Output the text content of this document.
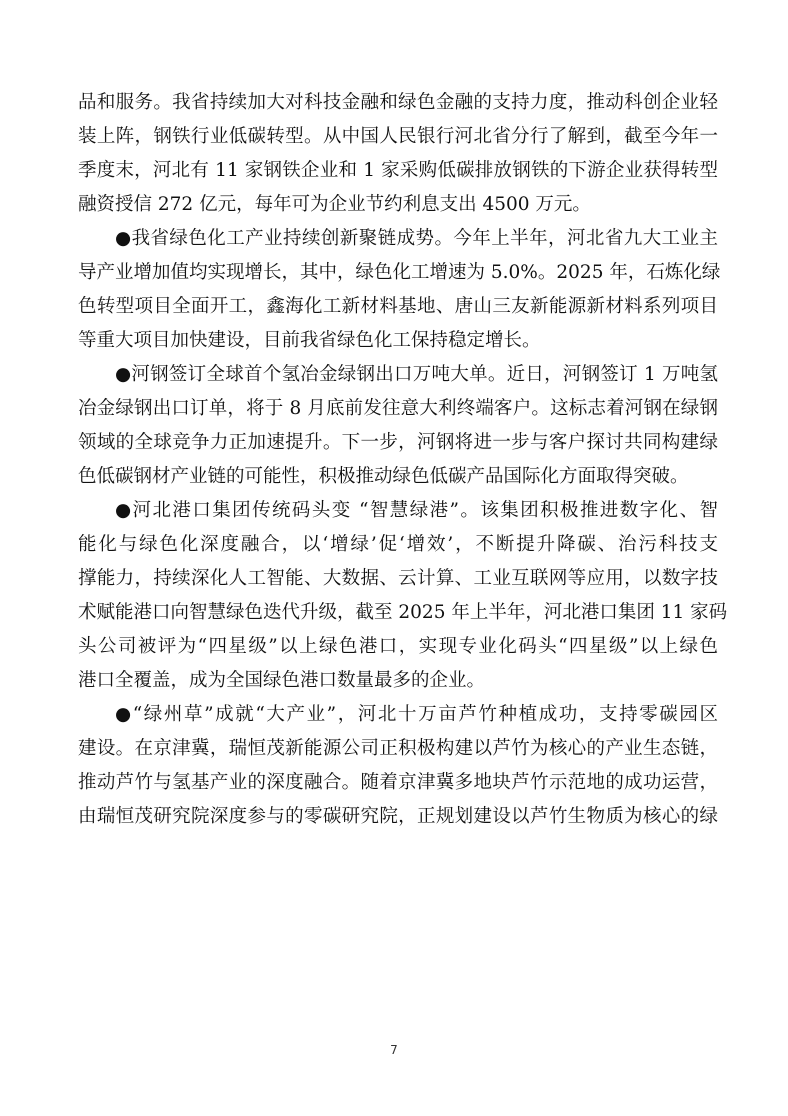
品和服务。我省持续加大对科技金融和绿色金融的支持力度，推动科创企业轻
装上阵，钢铁行业低碳转型。从中国人民银行河北省分行了解到，截至今年一
季度末，河北有 11 家钢铁企业和 1 家采购低碳排放钢铁的下游企业获得转型
融资授信 272 亿元，每年可为企业节约利息支出 4500 万元。
●我省绿色化工产业持续创新聚链成势。今年上半年，河北省九大工业主
导产业增加值均实现增长，其中，绿色化工增速为 5.0%。2025 年，石炼化绿
色转型项目全面开工，鑫海化工新材料基地、唐山三友新能源新材料系列项目
等重大项目加快建设，目前我省绿色化工保持稳定增长。
●河钢签订全球首个氢冶金绿钢出口万吨大单。近日，河钢签订 1 万吨氢
冶金绿钢出口订单，将于 8 月底前发往意大利终端客户。这标志着河钢在绿钢
领域的全球竞争力正加速提升。下一步，河钢将进一步与客户探讨共同构建绿
色低碳钢材产业链的可能性，积极推动绿色低碳产品国际化方面取得突破。
●河北港口集团传统码头变 “智慧绿港”。该集团积极推进数字化、智
能化与绿色化深度融合，以‘增绿’促‘增效’，不断提升降碳、治污科技支
撑能力，持续深化人工智能、大数据、云计算、工业互联网等应用，以数字技
术赋能港口向智慧绿色迭代升级，截至 2025 年上半年，河北港口集团 11 家码
头公司被评为“四星级”以上绿色港口，实现专业化码头“四星级”以上绿色
港口全覆盖，成为全国绿色港口数量最多的企业。
●“绿州草”成就“大产业”，河北十万亩芦竹种植成功，支持零碳园区
建设。在京津冀，瑞恒茂新能源公司正积极构建以芦竹为核心的产业生态链，
推动芦竹与氢基产业的深度融合。随着京津冀多地块芦竹示范地的成功运营，
由瑞恒茂研究院深度参与的零碳研究院，正规划建设以芦竹生物质为核心的绿
7
